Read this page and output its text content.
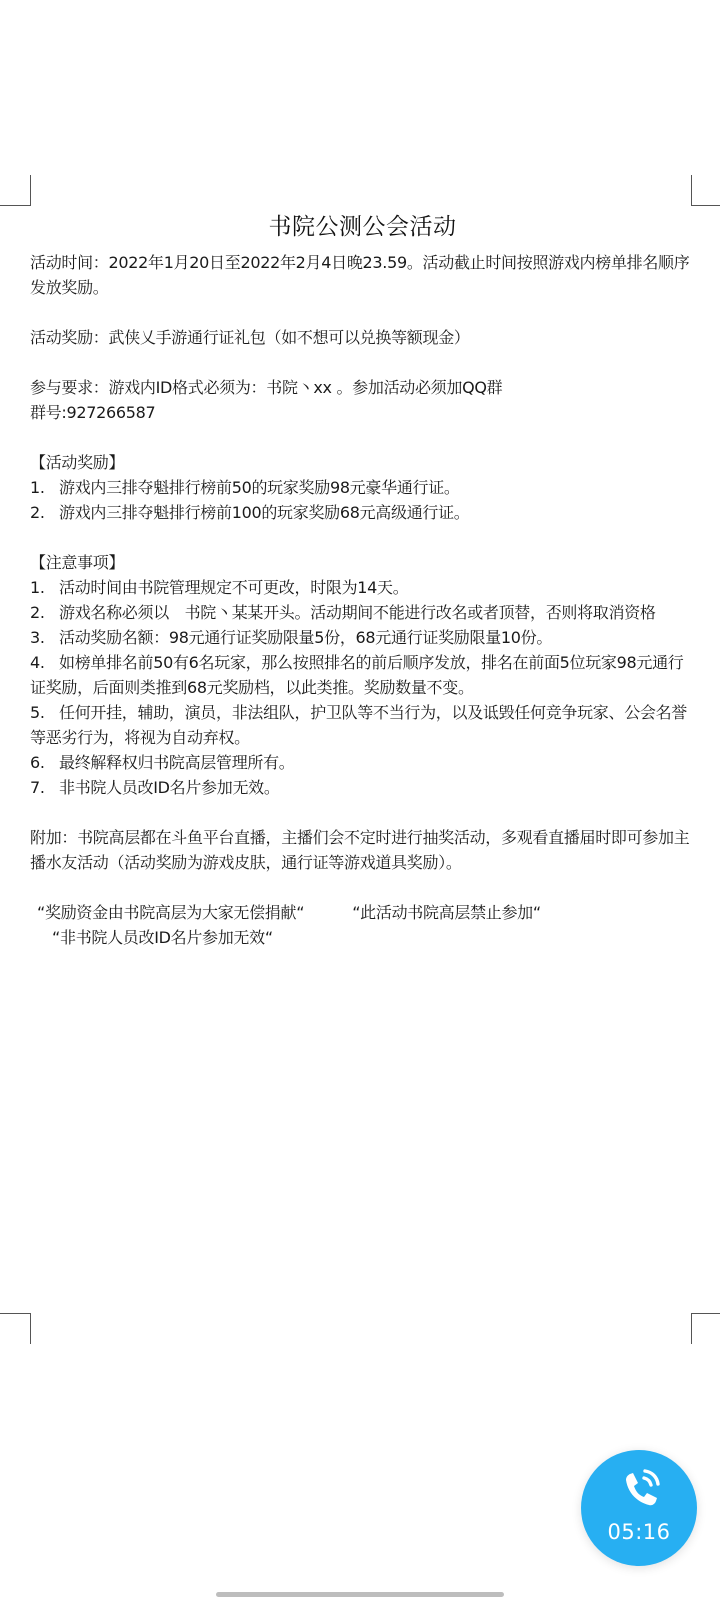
书院公测公会活动

活动时间：2022年1月20日至2022年2月4日晚23.59。活动截止时间按照游戏内榜单排名顺序发放奖励。

活动奖励：武侠乂手游通行证礼包（如不想可以兑换等额现金）

参与要求：游戏内ID格式必须为：书院丶xx 。参加活动必须加QQ群

群号:927266587

【活动奖励】

1. 游戏内三排夺魁排行榜前50的玩家奖励98元豪华通行证。
2. 游戏内三排夺魁排行榜前100的玩家奖励68元高级通行证。

【注意事项】

1. 活动时间由书院管理规定不可更改，时限为14天。
2. 游戏名称必须以　书院丶某某开头。活动期间不能进行改名或者顶替，否则将取消资格
3. 活动奖励名额：98元通行证奖励限量5份，68元通行证奖励限量10份。
4. 如榜单排名前50有6名玩家，那么按照排名的前后顺序发放，排名在前面5位玩家98元通行证奖励，后面则类推到68元奖励档，以此类推。奖励数量不变。
5. 任何开挂，辅助，演员，非法组队，护卫队等不当行为，以及诋毁任何竞争玩家、公会名誉等恶劣行为，将视为自动弃权。
6. 最终解释权归书院高层管理所有。
7. 非书院人员改ID名片参加无效。

附加：书院高层都在斗鱼平台直播，主播们会不定时进行抽奖活动，多观看直播届时即可参加主播水友活动（活动奖励为游戏皮肤，通行证等游戏道具奖励）。

“奖励资金由书院高层为大家无偿捐献“	“此活动书院高层禁止参加“
“非书院人员改ID名片参加无效“

05:16
